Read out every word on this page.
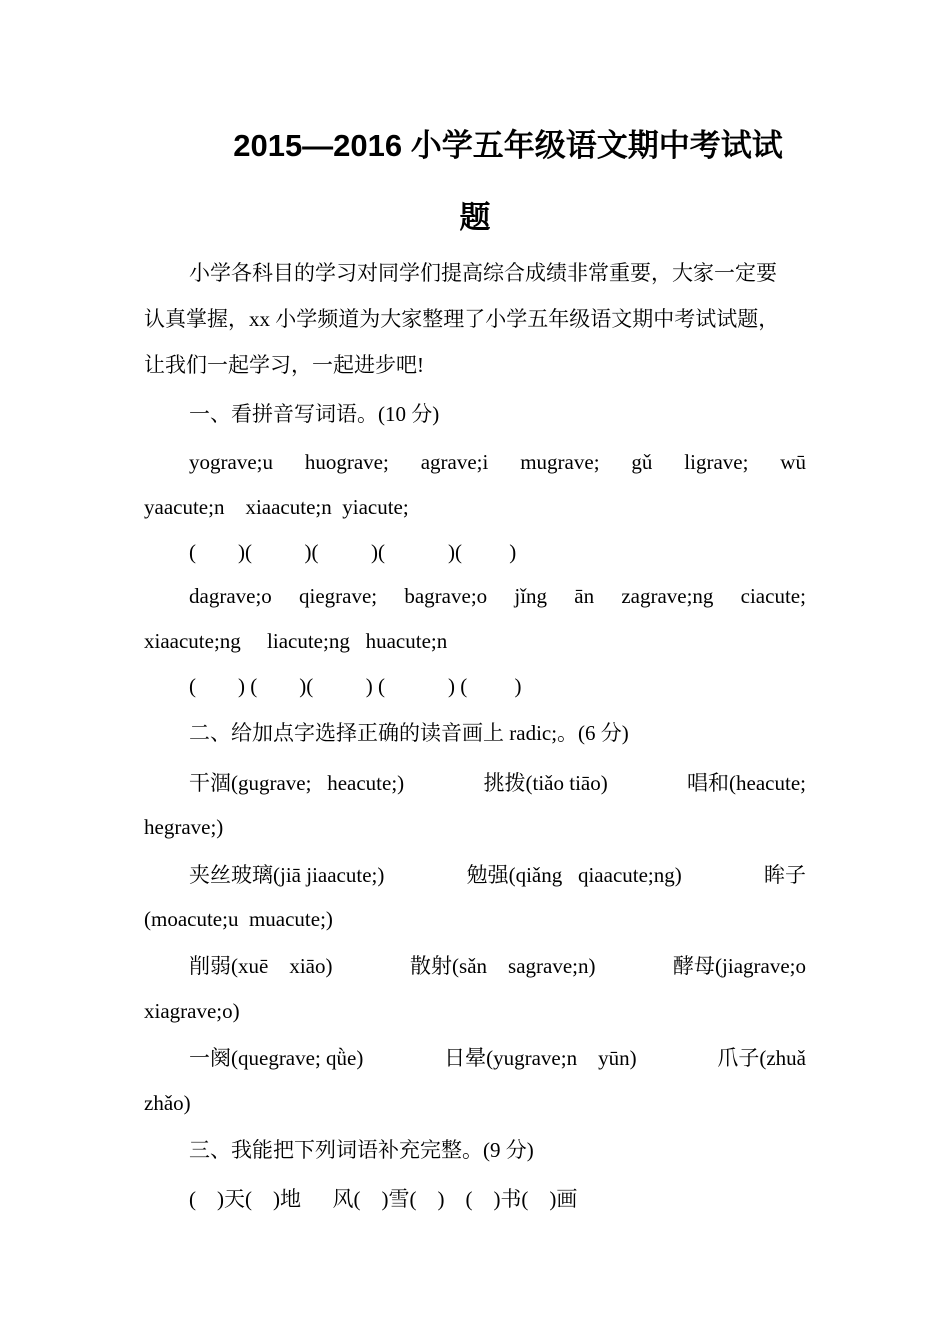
2015—2016 小学五年级语文期中考试试
题
小学各科目的学习对同学们提高综合成绩非常重要，大家一定要
认真掌握，xx 小学频道为大家整理了小学五年级语文期中考试试题，
让我们一起学习，一起进步吧!
一、看拼音写词语。(10 分)
yograve;u huograve; agrave;i mugrave; gǔ ligrave; wū
yaacute;n    xiaacute;n  yiacute;
(        )(          )(          )(            )(         )
dagrave;o qiegrave; bagrave;o jǐng ān zagrave;ng ciacute;
xiaacute;ng     liacute;ng   huacute;n
(        ) (        )(          ) (            ) (         )
二、给加点字选择正确的读音画上 radic;。(6 分)
干涸(gugrave;   heacute;)	挑拨(tiǎo tiāo)	唱和(heacute;
hegrave;)
夹丝玻璃(jiā jiaacute;)	勉强(qiǎng   qiaacute;ng)	眸子
(moacute;u  muacute;)
削弱(xuē    xiāo)	散射(sǎn    sagrave;n)	酵母(jiagrave;o
xiagrave;o)
一阕(quegrave; qǜe)	日晕(yugrave;n    yūn)	爪子(zhuǎ
zhǎo)
三、我能把下列词语补充完整。(9 分)
(    )天(    )地      风(    )雪(    )    (    )书(    )画
